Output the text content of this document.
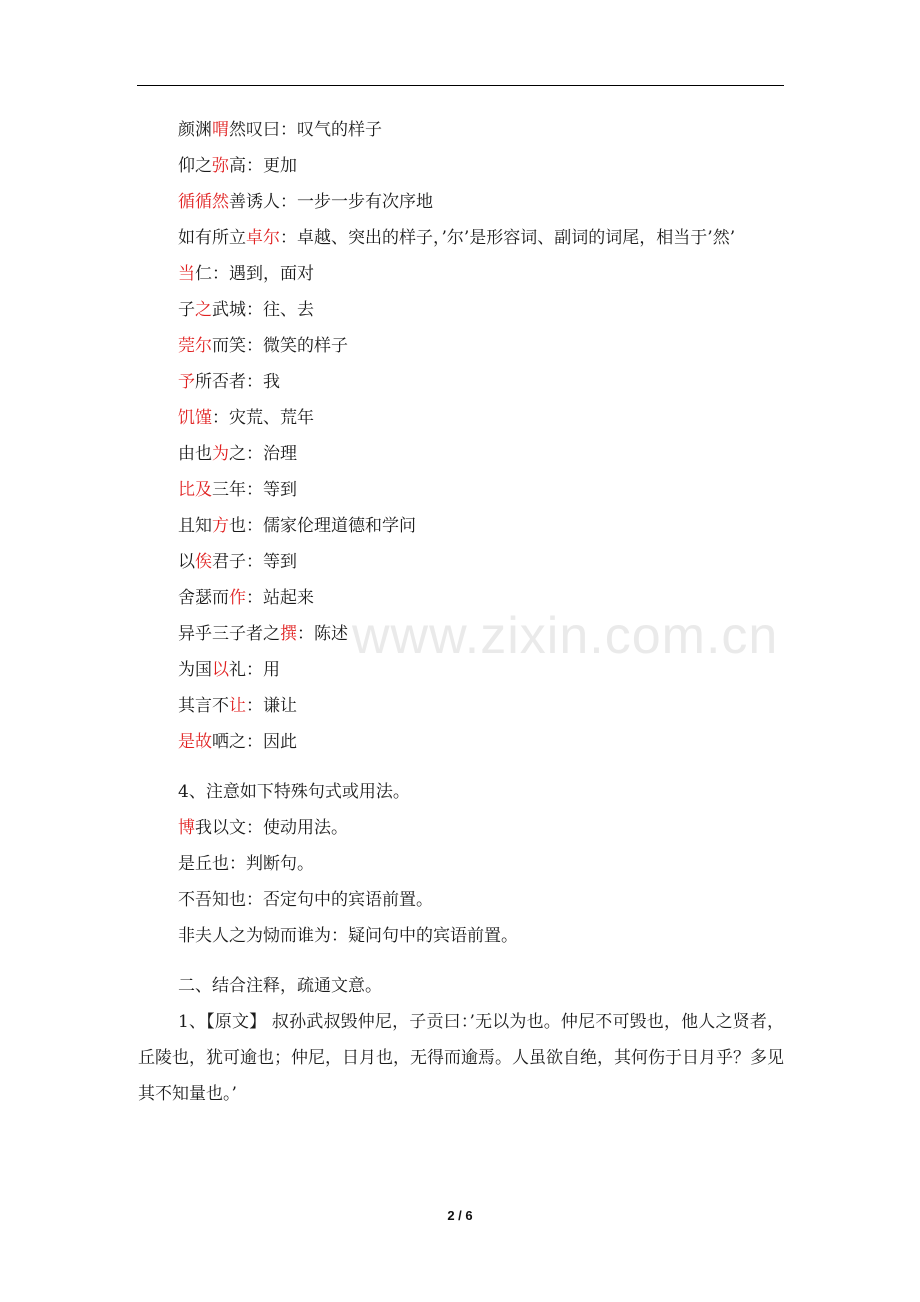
颜渊喟然叹曰：叹气的样子
仰之弥高：更加
循循然善诱人：一步一步有次序地
如有所立卓尔：卓越、突出的样子，’尔’是形容词、副词的词尾，相当于’然’
当仁：遇到，面对
子之武城：往、去
莞尔而笑：微笑的样子
予所否者：我
饥馑：灾荒、荒年
由也为之：治理
比及三年：等到
且知方也：儒家伦理道德和学问
以俟君子：等到
舍瑟而作：站起来
异乎三子者之撰：陈述
为国以礼：用
其言不让：谦让
是故哂之：因此
4、注意如下特殊句式或用法。
博我以文：使动用法。
是丘也：判断句。
不吾知也：否定句中的宾语前置。
非夫人之为恸而谁为：疑问句中的宾语前置。
二、结合注释，疏通文意。
1、【原文】 叔孙武叔毁仲尼，子贡曰：’无以为也。仲尼不可毁也，他人之贤者，丘陵也，犹可逾也；仲尼，日月也，无得而逾焉。人虽欲自绝，其何伤于日月乎？多见其不知量也。’
www.zixin.com.cn
2 / 6
